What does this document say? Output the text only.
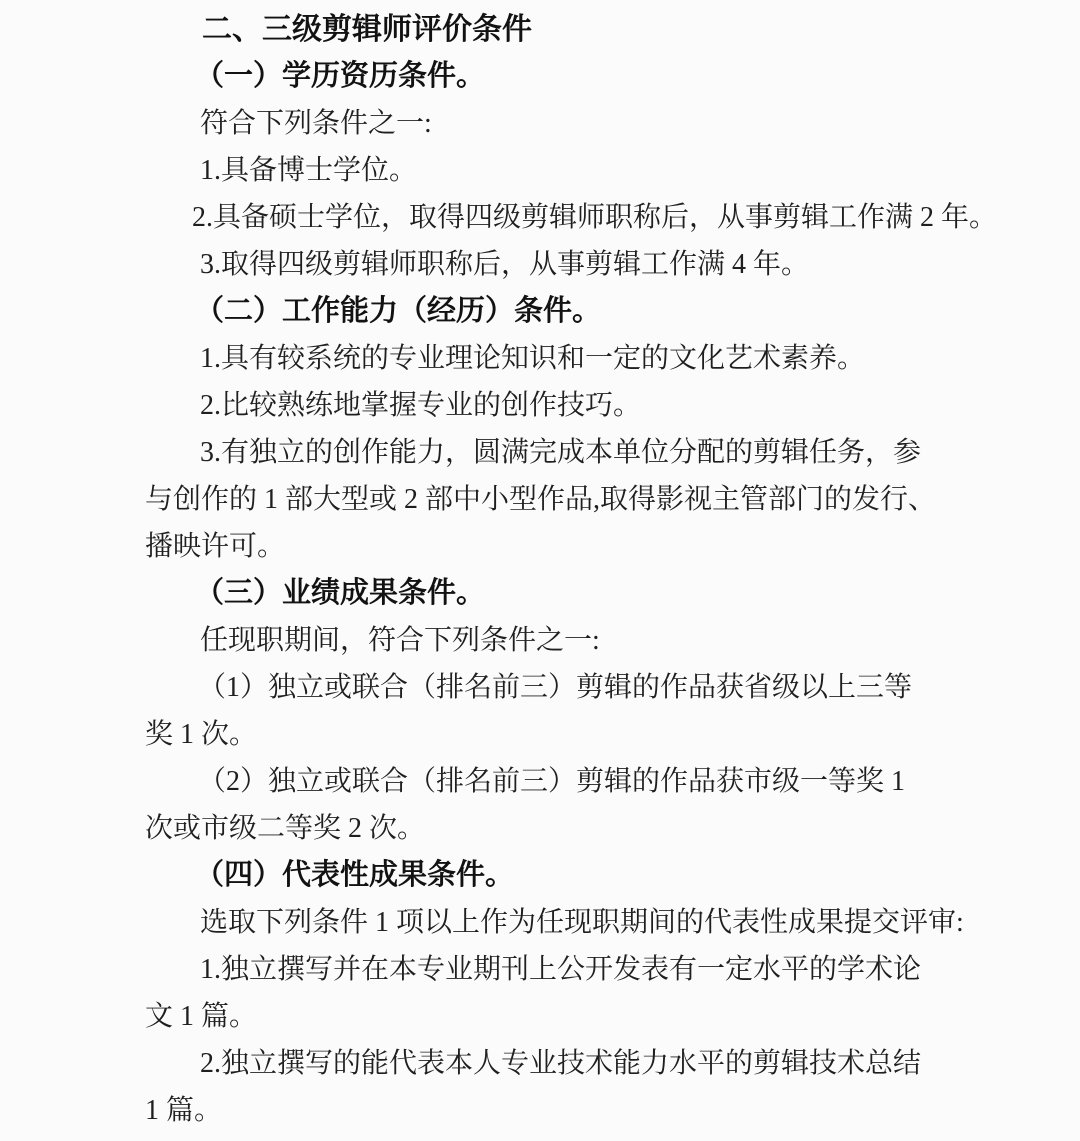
二、三级剪辑师评价条件
（一）学历资历条件。
符合下列条件之一:
1.具备博士学位。
2.具备硕士学位，取得四级剪辑师职称后，从事剪辑工作满 2 年。
3.取得四级剪辑师职称后，从事剪辑工作满 4 年。
（二）工作能力（经历）条件。
1.具有较系统的专业理论知识和一定的文化艺术素养。
2.比较熟练地掌握专业的创作技巧。
3.有独立的创作能力，圆满完成本单位分配的剪辑任务，参
与创作的 1 部大型或 2 部中小型作品,取得影视主管部门的发行、
播映许可。
（三）业绩成果条件。
任现职期间，符合下列条件之一:
（1）独立或联合（排名前三）剪辑的作品获省级以上三等
奖 1 次。
（2）独立或联合（排名前三）剪辑的作品获市级一等奖 1
次或市级二等奖 2 次。
（四）代表性成果条件。
选取下列条件 1 项以上作为任现职期间的代表性成果提交评审:
1.独立撰写并在本专业期刊上公开发表有一定水平的学术论
文 1 篇。
2.独立撰写的能代表本人专业技术能力水平的剪辑技术总结
1 篇。
